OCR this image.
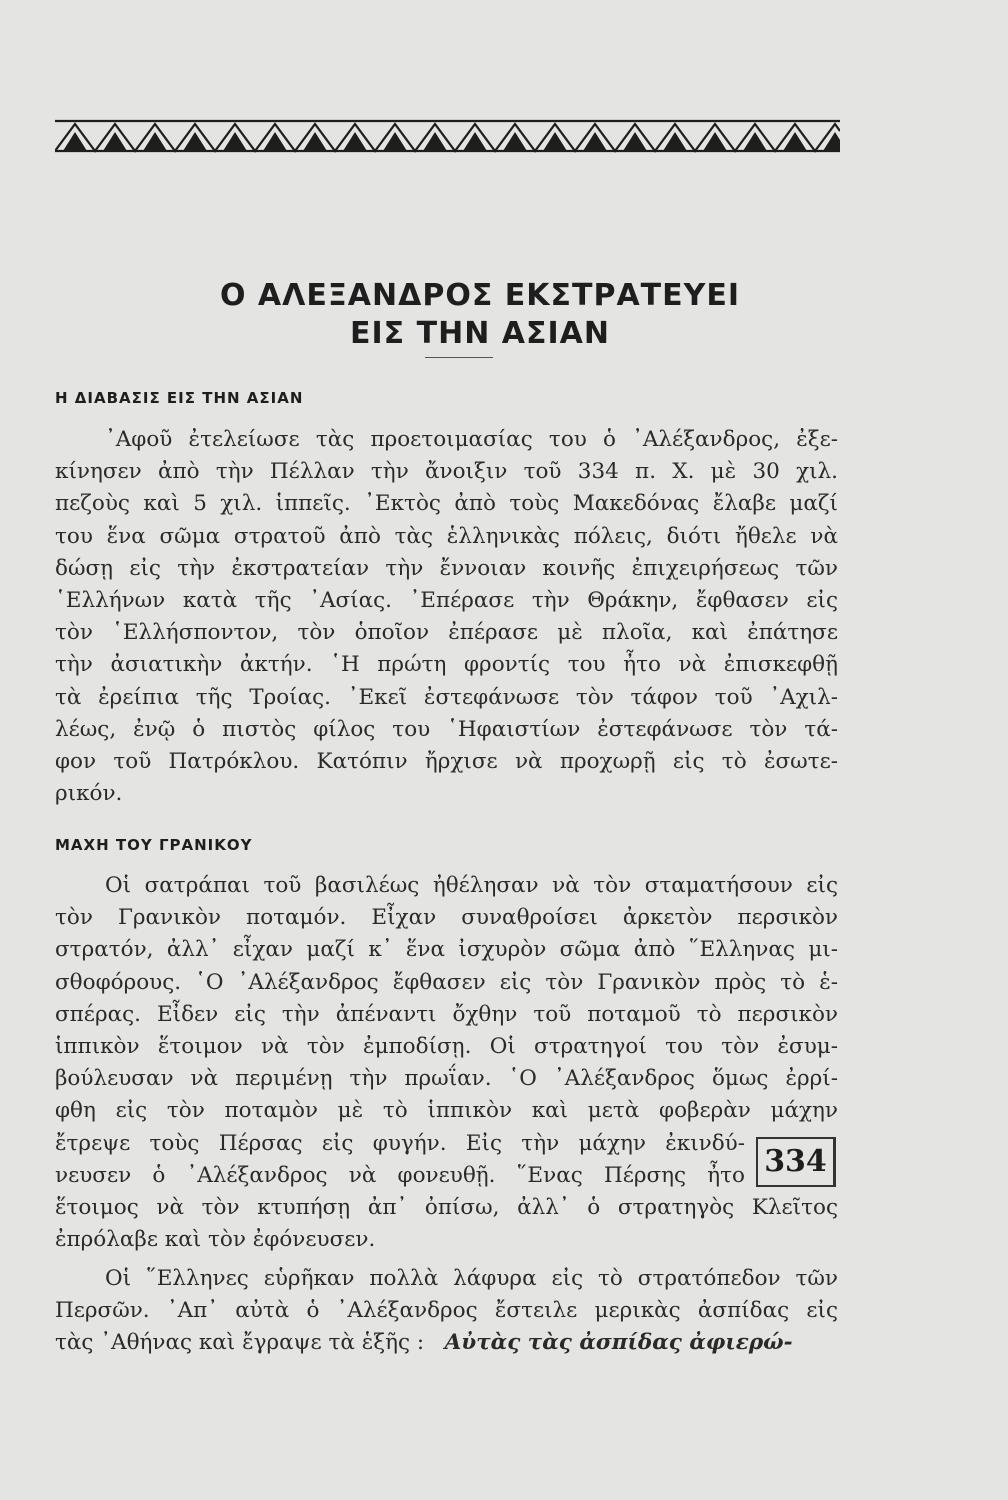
Ο ΑΛΕΞΑΝΔΡΟΣ ΕΚΣΤΡΑΤΕΥΕΙ
ΕΙΣ ΤΗΝ ΑΣΙΑΝ
Η ΔΙΑΒΑΣΙΣ ΕΙΣ ΤΗΝ ΑΣΙΑΝ
᾿Αφοῦ ἐτελείωσε τὰς προετοιμασίας του ὁ ᾿Αλέξανδρος, ἐξε-
κίνησεν ἀπὸ τὴν Πέλλαν τὴν ἄνοιξιν τοῦ 334 π. Χ. μὲ 30 χιλ.
πεζοὺς καὶ 5 χιλ. ἱππεῖς. ᾿Εκτὸς ἀπὸ τοὺς Μακεδόνας ἔλαβε μαζί
του ἕνα σῶμα στρατοῦ ἀπὸ τὰς ἑλληνικὰς πόλεις, διότι ἤθελε νὰ
δώσῃ εἰς τὴν ἐκστρατείαν τὴν ἔννοιαν κοινῆς ἐπιχειρήσεως τῶν
῾Ελλήνων κατὰ τῆς ᾿Ασίας. ᾿Επέρασε τὴν Θράκην, ἔφθασεν εἰς
τὸν ῾Ελλήσποντον, τὸν ὁποῖον ἐπέρασε μὲ πλοῖα, καὶ ἐπάτησε
τὴν ἀσιατικὴν ἀκτήν. ῾Η πρώτη φροντίς του ἦτο νὰ ἐπισκεφθῇ
τὰ ἐρείπια τῆς Τροίας. ᾿Εκεῖ ἐστεφάνωσε τὸν τάφον τοῦ ᾿Αχιλ-
λέως, ἐνῷ ὁ πιστὸς φίλος του ῾Ηφαιστίων ἐστεφάνωσε τὸν τά-
φον τοῦ Πατρόκλου. Κατόπιν ἤρχισε νὰ προχωρῇ εἰς τὸ ἐσωτε-
ρικόν.
ΜΑΧΗ ΤΟΥ ΓΡΑΝΙΚΟΥ
Οἱ σατράπαι τοῦ βασιλέως ἠθέλησαν νὰ τὸν σταματήσουν εἰς
τὸν Γρανικὸν ποταμόν. Εἶχαν συναθροίσει ἀρκετὸν περσικὸν
στρατόν, ἀλλ᾿ εἶχαν μαζί κ᾿ ἕνα ἰσχυρὸν σῶμα ἀπὸ ῞Ελληνας μι-
σθοφόρους. ῾Ο ᾿Αλέξανδρος ἔφθασεν εἰς τὸν Γρανικὸν πρὸς τὸ ἑ-
σπέρας. Εἶδεν εἰς τὴν ἀπέναντι ὄχθην τοῦ ποταμοῦ τὸ περσικὸν
ἱππικὸν ἕτοιμον νὰ τὸν ἐμποδίσῃ. Οἱ στρατηγοί του τὸν ἐσυμ-
βούλευσαν νὰ περιμένῃ τὴν πρωΐαν. ῾Ο ᾿Αλέξανδρος ὅμως ἐρρί-
φθη εἰς τὸν ποταμὸν μὲ τὸ ἱππικὸν καὶ μετὰ φοβερὰν μάχην
ἔτρεψε τοὺς Πέρσας εἰς φυγήν. Εἰς τὴν μάχην ἐκινδύ-
νευσεν ὁ ᾿Αλέξανδρος νὰ φονευθῇ. ῞Ενας Πέρσης ἦτο
ἕτοιμος νὰ τὸν κτυπήσῃ ἀπ᾿ ὀπίσω, ἀλλ᾿ ὁ στρατηγὸς Κλεῖτος
ἐπρόλαβε καὶ τὸν ἐφόνευσεν.
334
Οἱ ῞Ελληνες εὑρῆκαν πολλὰ λάφυρα εἰς τὸ στρατόπεδον τῶν
Περσῶν. ᾿Απ᾿ αὐτὰ ὁ ᾿Αλέξανδρος ἔστειλε μερικὰς ἀσπίδας εἰς
τὰς ᾿Αθήνας καὶ ἔγραψε τὰ ἑξῆς : Αὐτὰς τὰς ἀσπίδας ἀφιερώ-
